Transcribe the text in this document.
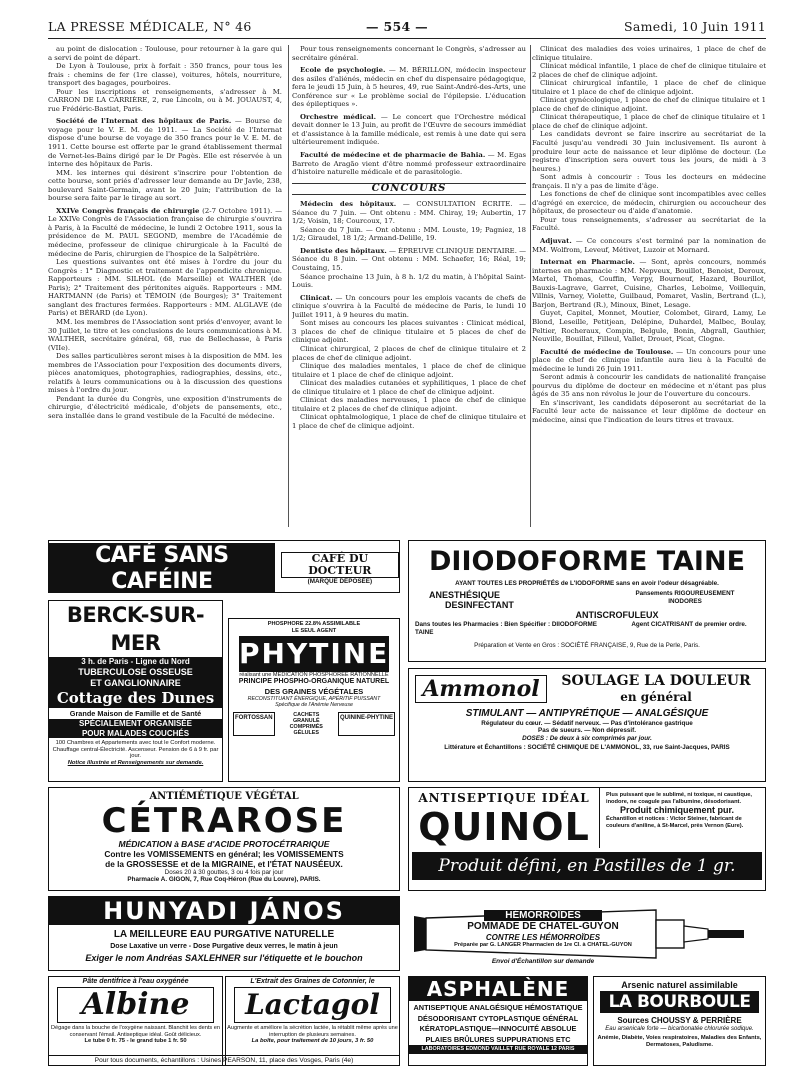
LA PRESSE MÉDICALE, N° 46	— 554 —	Samedi, 10 Juin 1911

au point de dislocation : Toulouse, pour retourner à la gare qui a servi de point de départ.

De Lyon à Toulouse, prix à forfait : 350 francs, pour tous les frais : chemins de fer (1re classe), voitures, hôtels, nourriture, transport des bagages, pourboires.

Pour les inscriptions et renseignements, s'adresser à M. CARRON DE LA CARRIÈRE, 2, rue Lincoln, ou à M. JOUAUST, 4, rue Frédéric-Bastiat, Paris.

Société de l'Internat des hôpitaux de Paris. — Bourse de voyage pour le V. E. M. de 1911. — La Société de l'Internat dispose d'une bourse de voyage de 350 francs pour le V. E. M. de 1911. Cette bourse est offerte par le grand établissement thermal de Vernet-les-Bains dirigé par le Dr Pagès. Elle est réservée à un interne des hôpitaux de Paris.

MM. les internes qui désirent s'inscrire pour l'obtention de cette bourse, sont priés d'adresser leur demande au Dr Javle, 238, boulevard Saint-Germain, avant le 20 Juin; l'attribution de la bourse sera faite par le tirage au sort.

XXIVe Congrès français de chirurgie (2-7 Octobre 1911). — Le XXIVe Congrès de l'Association française de chirurgie s'ouvrira à Paris, à la Faculté de médecine, le lundi 2 Octobre 1911, sous la présidence de M. PAUL SEGOND, membre de l'Académie de médecine, professeur de clinique chirurgicale à la Faculté de médecine de Paris, chirurgien de l'hospice de la Salpêtrière.

Les questions suivantes ont été mises à l'ordre du jour du Congrès : 1° Diagnostic et traitement de l'appendicite chronique. Rapporteurs : MM. SILHOL (de Marseille) et WALTHER (de Paris); 2° Traitement des péritonites aiguës. Rapporteurs : MM. HARTMANN (de Paris) et TÉMOIN (de Bourges); 3° Traitement sanglant des fractures fermées. Rapporteurs : MM. ALGLAVE (de Paris) et BÉRARD (de Lyon).

MM. les membres de l'Association sont priés d'envoyer, avant le 30 Juillet, le titre et les conclusions de leurs communications à M. WALTHER, secrétaire général, 68, rue de Bellechasse, à Paris (VIIe).

Des salles particulières seront mises à la disposition de MM. les membres de l'Association pour l'exposition des documents divers, pièces anatomiques, photographies, radiographies, dessins, etc., relatifs à leurs communications ou à la discussion des questions mises à l'ordre du jour.

Pendant la durée du Congrès, une exposition d'instruments de chirurgie, d'électricité médicale, d'objets de pansements, etc., sera installée dans le grand vestibule de la Faculté de médecine.

Pour tous renseignements concernant le Congrès, s'adresser au secrétaire général.

Ecole de psychologie. — M. BÉRILLON, médecin inspecteur des asiles d'aliénés, médecin en chef du dispensaire pédagogique, fera le jeudi 15 Juin, à 5 heures, 49, rue Saint-André-des-Arts, une Conférence sur « Le problème social de l'épilepsie. L'éducation des épileptiques ».

Orchestre médical. — Le concert que l'Orchestre médical devait donner le 13 Juin, au profit de l'Œuvre de secours immédiat et d'assistance à la famille médicale, est remis à une date qui sera ultérieurement indiquée.

Faculté de médecine et de pharmacie de Bahia. — M. Egas Barreto de Aragão vient d'être nommé professeur extraordinaire d'histoire naturelle médicale et de parasitologie.

CONCOURS

Médecin des hôpitaux. — CONSULTATION ÉCRITE. — Séance du 7 Juin. — Ont obtenu : MM. Chiray, 19; Aubertin, 17 1/2; Voisin, 18; Courcoux, 17.

Séance du 7 Juin. — Ont obtenu : MM. Louste, 19; Pagniez, 18 1/2; Giraudel, 18 1/2; Armand-Delille, 19.

Dentiste des hôpitaux. — ÉPREUVE CLINIQUE DENTAIRE. — Séance du 8 Juin. — Ont obtenu : MM. Schaefer, 16; Réal, 19; Coustaing, 15.

Séance prochaine 13 Juin, à 8 h. 1/2 du matin, à l'hôpital Saint-Louis.

Clinicat. — Un concours pour les emplois vacants de chefs de clinique s'ouvrira à la Faculté de médecine de Paris, le lundi 10 Juillet 1911, à 9 heures du matin.

Sont mises au concours les places suivantes : Clinicat médical, 3 places de chef de clinique titulaire et 5 places de chef de clinique adjoint.

Clinicat chirurgical, 2 places de chef de clinique titulaire et 2 places de chef de clinique adjoint.

Clinique des maladies mentales, 1 place de chef de clinique titulaire et 1 place de chef de clinique adjoint.

Clinicat des maladies cutanées et syphilitiques, 1 place de chef de clinique titulaire et 1 place de chef de clinique adjoint.

Clinicat des maladies nerveuses, 1 place de chef de clinique titulaire et 2 places de chef de clinique adjoint.

Clinicat ophtalmologique, 1 place de chef de clinique titulaire et 1 place de chef de clinique adjoint.

Clinicat des maladies des voies urinaires, 1 place de chef de clinique titulaire.

Clinicat médical infantile, 1 place de chef de clinique titulaire et 2 places de chef de clinique adjoint.

Clinicat chirurgical infantile, 1 place de chef de clinique titulaire et 1 place de chef de clinique adjoint.

Clinicat gynécologique, 1 place de chef de clinique titulaire et 1 place de chef de clinique adjoint.

Clinicat thérapeutique, 1 place de chef de clinique titulaire et 1 place de chef de clinique adjoint.

Les candidats devront se faire inscrire au secrétariat de la Faculté jusqu'au vendredi 30 Juin inclusivement. Ils auront à produire leur acte de naissance et leur diplôme de docteur. (Le registre d'inscription sera ouvert tous les jours, de midi à 3 heures.)

Sont admis à concourir : Tous les docteurs en médecine français. Il n'y a pas de limite d'âge.

Les fonctions de chef de clinique sont incompatibles avec celles d'agrégé en exercice, de médecin, chirurgien ou accoucheur des hôpitaux, de prosecteur ou d'aide d'anatomie.

Pour tous renseignements, s'adresser au secrétariat de la Faculté.

Adjuvat. — Ce concours s'est terminé par la nomination de MM. Wolfrom, Leveuf, Métivet, Luzoir et Mornard.

Internat en Pharmacie. — Sont, après concours, nommés internes en pharmacie : MM. Nepveux, Bouillot, Benoist, Deroux, Martel, Thomas, Couffin, Verpy, Bourneuf, Hazard, Bourillot, Bauxis-Lagrave, Garret, Cuisine, Charles, Leboime, Voillequin, Villnis, Varney, Violette, Guilbaud, Pomaret, Vaslin, Bertrand (L.), Barjon, Bertrand (R.), Minoux, Binet, Lesage.

Guyet, Capitel, Monnet, Moutier, Colombet, Girard, Lamy, Le Blond, Leseille, Petitjean, Delépine, Duhardel, Malbec, Boulay, Peltier, Rocheraux, Compin, Belgule, Bonin, Abgrall, Gauthier, Neuville, Bouillat, Filleul, Vallet, Drouet, Picat, Clogne.

Faculté de médecine de Toulouse. — Un concours pour une place de chef de clinique infantile aura lieu à la Faculté de médecine le lundi 26 Juin 1911.

Seront admis à concourir les candidats de nationalité française pourvus du diplôme de docteur en médecine et n'étant pas plus âgés de 35 ans non révolus le jour de l'ouverture du concours.

En s'inscrivant, les candidats déposeront au secrétariat de la Faculté leur acte de naissance et leur diplôme de docteur en médecine, ainsi que l'indication de leurs titres et travaux.

CAFÉ SANS CAFÉINE
CAFÉ DU DOCTEUR
(MARQUE DÉPOSÉE)
DIIODOFORME TAINE
AYANT TOUTES LES PROPRIÉTÉS de L'IODOFORME sans en avoir l'odeur désagréable.
ANESTHÉSIQUE
DESINFECTANT
Pansements RIGOUREUSEMENT INODORES
ANTISCROFULEUX
Dans toutes les Pharmacies : Bien Spécifier : DIIODOFORME TAINE
Agent CICATRISANT de premier ordre.
Préparation et Vente en Gros : SOCIÉTÉ FRANÇAISE, 9, Rue de la Perle, Paris.
BERCK-SUR-MER
3 h. de Paris - Ligne du Nord
TUBERCULOSE OSSEUSE
ET GANGLIONNAIRE
Cottage des Dunes
Grande Maison de Famille et de Santé
SPÉCIALEMENT ORGANISÉE
POUR MALADES COUCHÉS
100 Chambres et Appartements avec tout le Confort moderne. Chauffage central-Électricité. Ascenseur. Pension de 6 à 9 fr. par jour.
Notice illustrée et Renseignements sur demande.
PHOSPHORE 22.8% ASSIMILABLE
LE SEUL AGENT
PHYTINE
réalisant une MÉDICATION PHOSPHORÉE RATIONNELLE
PRINCIPE PHOSPHO-ORGANIQUE NATUREL
DES GRAINES VÉGÉTALES
RECONSTITUANT ÉNERGIQUE, APÉRITIF PUISSANT
Spécifique de l'Anémie Nerveuse
FORTOSSAN	CACHETS GRANULÉ COMPRIMÉS GÉLULES
QUININE-PHYTINE
Ammonol	SOULAGE LA DOULEUR
en général
STIMULANT — ANTIPYRÉTIQUE — ANALGÉSIQUE
Régulateur du cœur. — Sédatif nerveux. — Pas d'intolérance gastrique
Pas de sueurs. — Non dépressif.
DOSES : De deux à six comprimés par jour.
Littérature et Échantillons : SOCIÉTÉ CHIMIQUE DE L'AMMONOL, 33, rue Saint-Jacques, PARIS
ANTIÉMÉTIQUE VÉGÉTAL
CÉTRAROSE
MÉDICATION à BASE d'ACIDE PROTOCÉTRARIQUE
Contre les VOMISSEMENTS en général; les VOMISSEMENTS
de la GROSSESSE et de la MIGRAINE, et l'ÉTAT NAUSÉEUX.
Doses 20 à 30 gouttes, 3 ou 4 fois par jour
Pharmacie A. GIGON, 7, Rue Coq-Héron (Rue du Louvre), PARIS.
ANTISEPTIQUE IDÉAL
QUINOL
Plus puissant que le sublimé, ni toxique, ni caustique, inodore, ne coagule pas l'albumine, désodorisant.
Produit chimiquement pur.
Échantillon et notices : Victor Steiner, fabricant de couleurs d'aniline, à St-Marcel, près Vernon (Eure).
Produit défini, en Pastilles de 1 gr.
HUNYADI JÁNOS
LA MEILLEURE EAU PURGATIVE NATURELLE
Dose Laxative un verre - Dose Purgative deux verres, le matin à jeun
Exiger le nom Andréas SAXLEHNER sur l'étiquette et le bouchon
HÉMORROÏDES
POMMADE DE CHATEL-GUYON
CONTRE LES HÉMORROÏDES
Préparée par G. LANGER Pharmacien de 1re Cl. à CHATEL-GUYON
Envoi d'Échantillon sur demande
Pâte dentifrice à l'eau oxygénée
Albine
Dégage dans la bouche de l'oxygène naissant. Blanchit les dents en conservant l'émail. Antiseptique idéal. Goût délicieux.
Le tube 0 fr. 75 - le grand tube 1 fr. 50
L'Extrait des Graines de Cotonnier, le
Lactagol
Augmente et améliore la sécrétion lactée, la rétablit même après une interruption de plusieurs semaines.
La boîte, pour traitement de 10 jours, 3 fr. 50
Pour tous documents, échantillons : Usines PEARSON, 11, place des Vosges, Paris (4e)
ASPHALÈNE
ANTISEPTIQUE ANALGÉSIQUE HÉMOSTATIQUE
DÉSODORISANT CYTOPLASTIQUE GÉNÉRAL
KÉRATOPLASTIQUE—INNOCUITÉ ABSOLUE
PLAIES BRÛLURES SUPPURATIONS ETC
LABORATOIRES EDMOND VAILLET RUE ROYALE 12 PARIS
Arsenic naturel assimilable
LA BOURBOULE
Sources CHOUSSY & PERRIÈRE
Eau arsenicale forte — bicarbonatée chlorurée sodique.
Anémie, Diabète, Voies respiratoires, Maladies des Enfants, Dermatoses, Paludisme.
